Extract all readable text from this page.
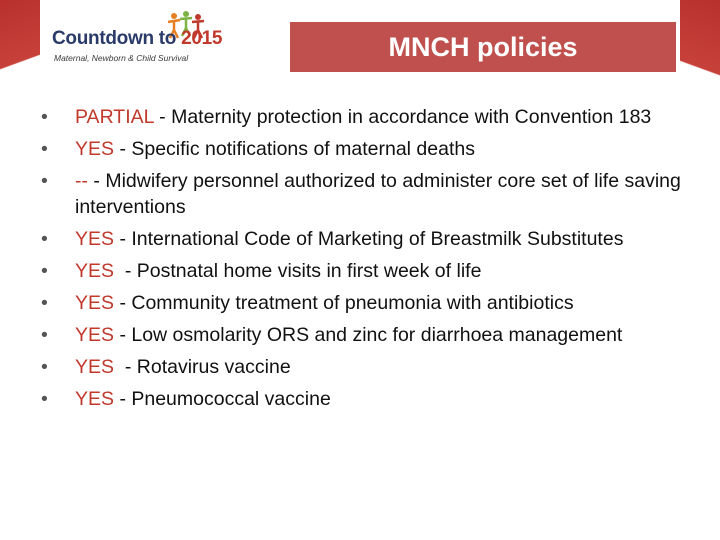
Countdown to 2015
Maternal, Newborn & Child Survival	MNCH policies
• PARTIAL - Maternity protection in accordance with Convention 183
• YES - Specific notifications of maternal deaths
• -- - Midwifery personnel authorized to administer core set of life saving interventions
• YES - International Code of Marketing of Breastmilk Substitutes
• YES  - Postnatal home visits in first week of life
• YES - Community treatment of pneumonia with antibiotics
• YES - Low osmolarity ORS and zinc for diarrhoea management
• YES  - Rotavirus vaccine
• YES - Pneumococcal vaccine
